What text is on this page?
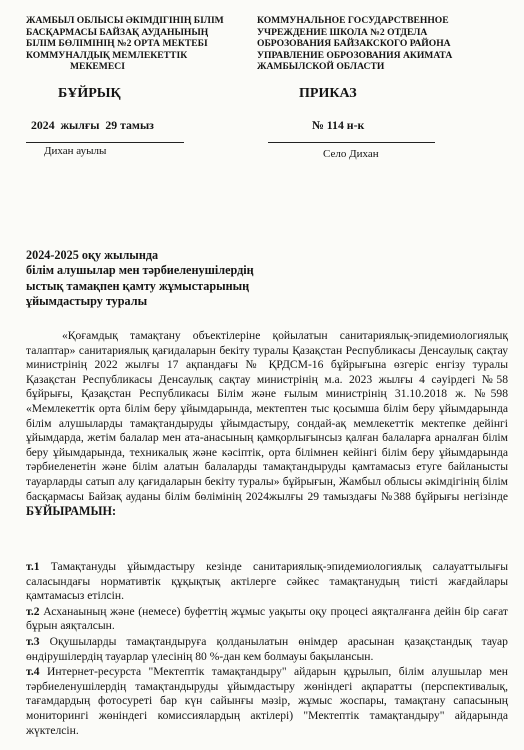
ЖАМБЫЛ ОБЛЫСЫ ӘКІМДІГІНІҢ БІЛІМ
БАСҚАРМАСЫ БАЙЗАҚ АУДАНЫНЫҢ
БІЛІМ БӨЛІМІНІҢ №2 ОРТА МЕКТЕБІ
КОММУНАЛДЫҚ МЕМЛЕКЕТТІК
МЕКЕМЕСІ
КОММУНАЛЬНОЕ ГОСУДАРСТВЕННОЕ
УЧРЕЖДЕНИЕ ШКОЛА №2 ОТДЕЛА
ОБРОЗОВАНИЯ БАЙЗАКСКОГО РАЙОНА
УПРАВЛЕНИЕ ОБРОЗОВАНИЯ АКИМАТА
ЖАМБЫЛСКОЙ ОБЛАСТИ
БҰЙРЫҚ	ПРИКАЗ
2024  жылғы  29 тамыз	№ 114 н-к
Дихан ауылы	Село Дихан
2024-2025 оқу жылында
білім алушылар мен тәрбиеленушілердің
ыстық тамақпен қамту жұмыстарының
ұйымдастыру туралы
«Қоғамдық тамақтану объектілеріне қойылатын санитариялық-эпидемиологиялық талаптар» санитариялық қағидаларын бекіту туралы Қазақстан Республикасы Денсаулық сақтау министрінің 2022 жылғы 17 ақпандағы № ҚРДСМ-16 бұйрығына өзгеріс енгізу туралы Қазақстан Республикасы Денсаулық сақтау министрінің м.а. 2023 жылғы 4 сәуірдегі №58 бұйрығы, Қазақстан Республикасы Білім және ғылым министрінің 31.10.2018 ж. №598 «Мемлекеттік орта білім беру ұйымдарында, мектептен тыс қосымша білім беру ұйымдарында білім алушыларды тамақтандыруды ұйымдастыру, сондай-ақ мемлекеттік мектепке дейінгі ұйымдарда, жетім балалар мен ата-анасының қамқорлығынсыз қалған балаларға арналған білім беру ұйымдарында, техникалық және кәсіптік, орта білімнен кейінгі білім беру ұйымдарында тәрбиеленетін және білім алатын балаларды тамақтандыруды қамтамасыз етуге байланысты тауарларды сатып алу қағидаларын бекіту туралы» бұйрығын, Жамбыл облысы әкімдігінің білім басқармасы Байзақ ауданы білім бөлімінің 2024жылғы 29 тамыздағы №388 бұйрығы негізінде БҰЙЫРАМЫН:

т.1 Тамақтануды ұйымдастыру кезінде санитариялық-эпидемиологиялық салауаттылығы саласындағы нормативтік құқықтық актілерге сәйкес тамақтанудың тиісті жағдайлары қамтамасыз етілсін.

т.2 Асханаының және (немесе) буфеттің жұмыс уақыты оқу процесі аяқталғанға дейін бір сағат бұрын аяқталсын.

т.3 Оқушыларды тамақтандыруға қолданылатын өнімдер арасынан қазақстандық тауар өндірушілердің тауарлар үлесінің 80 %-дан кем болмауы бақылансын.

т.4 Интернет-ресурста "Мектептік тамақтандыру" айдарын құрылып, білім алушылар мен тәрбиеленушілердің тамақтандыруды ұйымдастыру жөніндегі ақпаратты (перспективалық, тағамдардың фотосуреті бар күн сайынғы мәзір, жұмыс жоспары, тамақтану сапасының мониторингі жөніндегі комиссиялардың актілері) "Мектептік тамақтандыру" айдарында жүктелсін.
